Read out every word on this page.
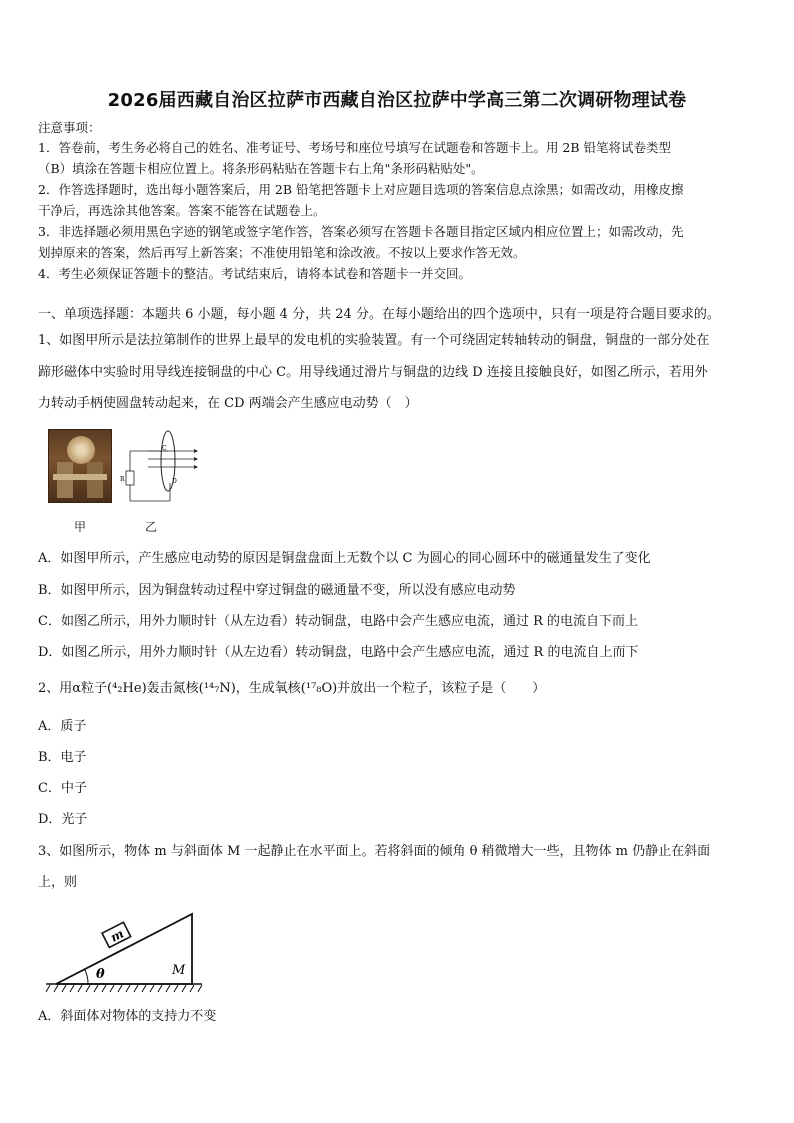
2026届西藏自治区拉萨市西藏自治区拉萨中学高三第二次调研物理试卷
注意事项：
1．答卷前，考生务必将自己的姓名、准考证号、考场号和座位号填写在试题卷和答题卡上。用 2B 铅笔将试卷类型
（B）填涂在答题卡相应位置上。将条形码粘贴在答题卡右上角"条形码粘贴处"。
2．作答选择题时，选出每小题答案后，用 2B 铅笔把答题卡上对应题目选项的答案信息点涂黑；如需改动，用橡皮擦
干净后，再选涂其他答案。答案不能答在试题卷上。
3．非选择题必须用黑色字迹的钢笔或签字笔作答，答案必须写在答题卡各题目指定区域内相应位置上；如需改动，先
划掉原来的答案，然后再写上新答案；不准使用铅笔和涂改液。不按以上要求作答无效。
4．考生必须保证答题卡的整洁。考试结束后，请将本试卷和答题卡一并交回。
一、单项选择题：本题共 6 小题，每小题 4 分，共 24 分。在每小题给出的四个选项中，只有一项是符合题目要求的。
1、如图甲所示是法拉第制作的世界上最早的发电机的实验装置。有一个可绕固定转轴转动的铜盘，铜盘的一部分处在
蹄形磁体中实验时用导线连接铜盘的中心 C。用导线通过滑片与铜盘的边线 D 连接且接触良好，如图乙所示，若用外
力转动手柄使圆盘转动起来，在 CD 两端会产生感应电动势（　）
甲
C
D
R
乙
A．如图甲所示，产生感应电动势的原因是铜盘盘面上无数个以 C 为圆心的同心圆环中的磁通量发生了变化
B．如图甲所示，因为铜盘转动过程中穿过铜盘的磁通量不变，所以没有感应电动势
C．如图乙所示，用外力顺时针（从左边看）转动铜盘，电路中会产生感应电流，通过 R 的电流自下而上
D．如图乙所示，用外力顺时针（从左边看）转动铜盘，电路中会产生感应电流，通过 R 的电流自上而下
2、用α粒子(⁴₂He)轰击氮核(¹⁴₇N)，生成氧核(¹⁷₈O)并放出一个粒子，该粒子是（　　）
A．质子
B．电子
C．中子
D．光子
3、如图所示，物体 m 与斜面体 M 一起静止在水平面上。若将斜面的倾角 θ 稍微增大一些，且物体 m 仍静止在斜面
上，则
m
θ	M
A．斜面体对物体的支持力不变
